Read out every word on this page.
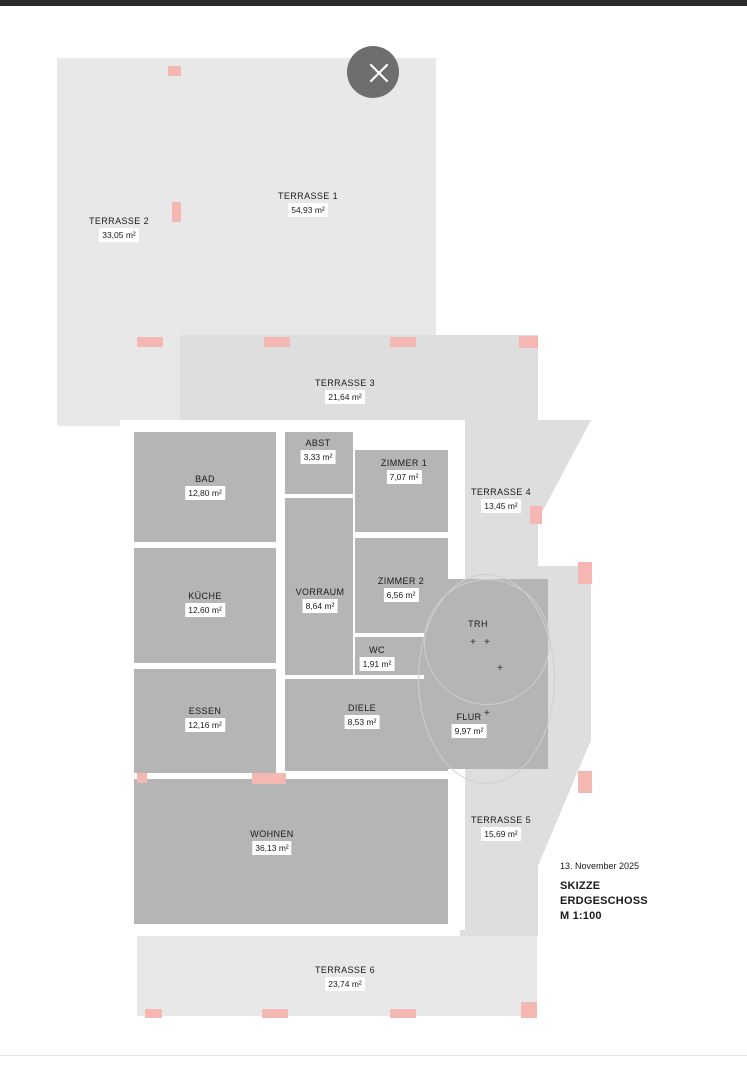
+ +
+
+
TERRASSE 2
33,05 m²
TERRASSE 1
54,93 m²
TERRASSE 3
21,64 m²
TERRASSE 4
13,45 m²
TERRASSE 5
15,69 m²
TERRASSE 6
23,74 m²
BAD
12,80 m²
KÜCHE
12,60 m²
ESSEN
12,16 m²
WOHNEN
36,13 m²
ABST
3,33 m²
ZIMMER 1
7,07 m²
ZIMMER 2
6,56 m²
VORRAUM
8,64 m²
WC
1,91 m²
DIELE
8,53 m²	FLUR
9,97 m²
TRH
13. November 2025
SKIZZE
ERDGESCHOSS
M 1:100
